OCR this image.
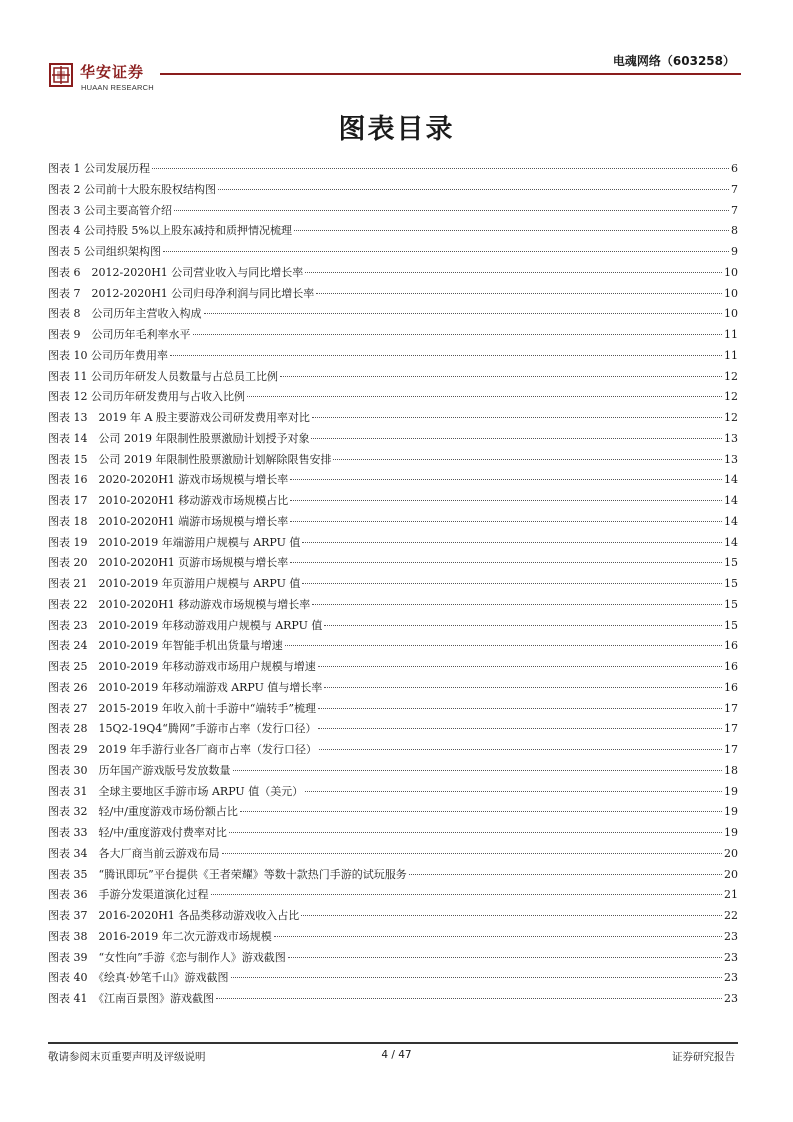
华安证券
HUAAN RESEARCH
电魂网络（603258）
图表目录
图表 1 公司发展历程	6
图表 2 公司前十大股东股权结构图	7
图表 3 公司主要高管介绍	7
图表 4 公司持股 5%以上股东减持和质押情况梳理	8
图表 5 公司组织架构图	9
图表 6　2012-2020H1 公司营业收入与同比增长率	10
图表 7　2012-2020H1 公司归母净利润与同比增长率	10
图表 8　公司历年主营收入构成	10
图表 9　公司历年毛利率水平	11
图表 10 公司历年费用率	11
图表 11 公司历年研发人员数量与占总员工比例	12
图表 12 公司历年研发费用与占收入比例	12
图表 13　2019 年 A 股主要游戏公司研发费用率对比	12
图表 14　公司 2019 年限制性股票激励计划授予对象	13
图表 15　公司 2019 年限制性股票激励计划解除限售安排	13
图表 16　2020-2020H1 游戏市场规模与增长率	14
图表 17　2010-2020H1 移动游戏市场规模占比	14
图表 18　2010-2020H1 端游市场规模与增长率	14
图表 19　2010-2019 年端游用户规模与 ARPU 值	14
图表 20　2010-2020H1 页游市场规模与增长率	15
图表 21　2010-2019 年页游用户规模与 ARPU 值	15
图表 22　2010-2020H1 移动游戏市场规模与增长率	15
图表 23　2010-2019 年移动游戏用户规模与 ARPU 值	15
图表 24　2010-2019 年智能手机出货量与增速	16
图表 25　2010-2019 年移动游戏市场用户规模与增速	16
图表 26　2010-2019 年移动端游戏 ARPU 值与增长率	16
图表 27　2015-2019 年收入前十手游中“端转手”梳理	17
图表 28　15Q2-19Q4“腾网”手游市占率（发行口径）	17
图表 29　2019 年手游行业各厂商市占率（发行口径）	17
图表 30　历年国产游戏版号发放数量	18
图表 31　全球主要地区手游市场 ARPU 值（美元）	19
图表 32　轻/中/重度游戏市场份额占比	19
图表 33　轻/中/重度游戏付费率对比	19
图表 34　各大厂商当前云游戏布局	20
图表 35　“腾讯即玩”平台提供《王者荣耀》等数十款热门手游的试玩服务	20
图表 36　手游分发渠道演化过程	21
图表 37　2016-2020H1 各品类移动游戏收入占比	22
图表 38　2016-2019 年二次元游戏市场规模	23
图表 39　“女性向”手游《恋与制作人》游戏截图	23
图表 40　《绘真·妙笔千山》游戏截图	23
图表 41　《江南百景图》游戏截图	23
敬请参阅末页重要声明及评级说明	4 / 47	证券研究报告
